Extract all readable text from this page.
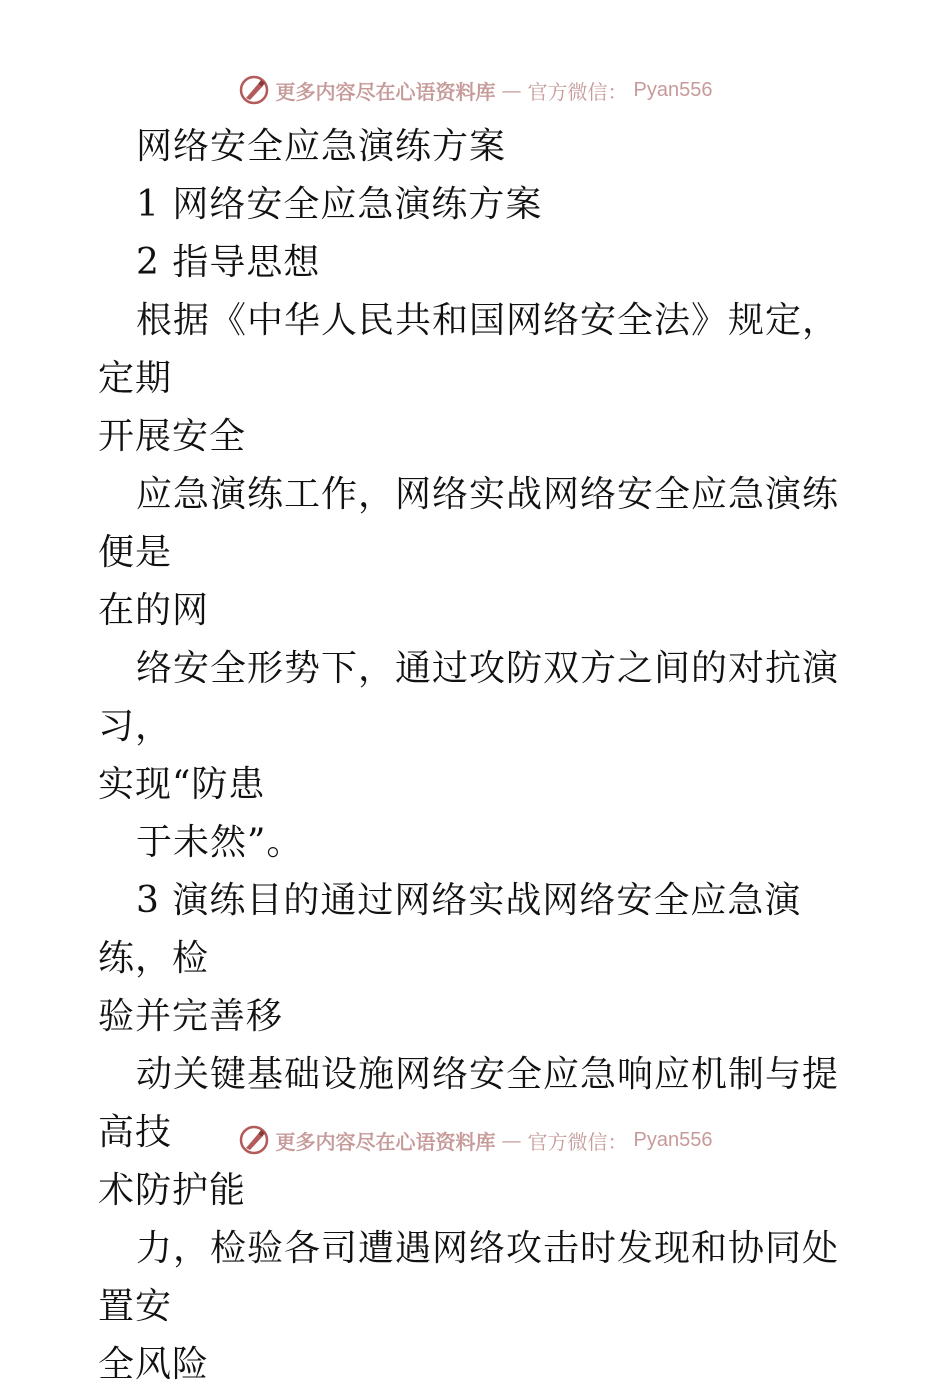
更多内容尽在心语资料库 — 官方微信： Pyan556

网络安全应急演练方案

1 网络安全应急演练方案

2 指导思想

根据《中华人民共和国网络安全法》规定，定期
开展安全

应急演练工作，网络实战网络安全应急演练便是
在的网

络安全形势下，通过攻防双方之间的对抗演习，
实现“防患

于未然”。

3 演练目的通过网络实战网络安全应急演练，检
验并完善移

动关键基础设施网络安全应急响应机制与提高技
术防护能

力，检验各司遭遇网络攻击时发现和协同处置安
全风险

更多内容尽在心语资料库 — 官方微信： Pyan556
